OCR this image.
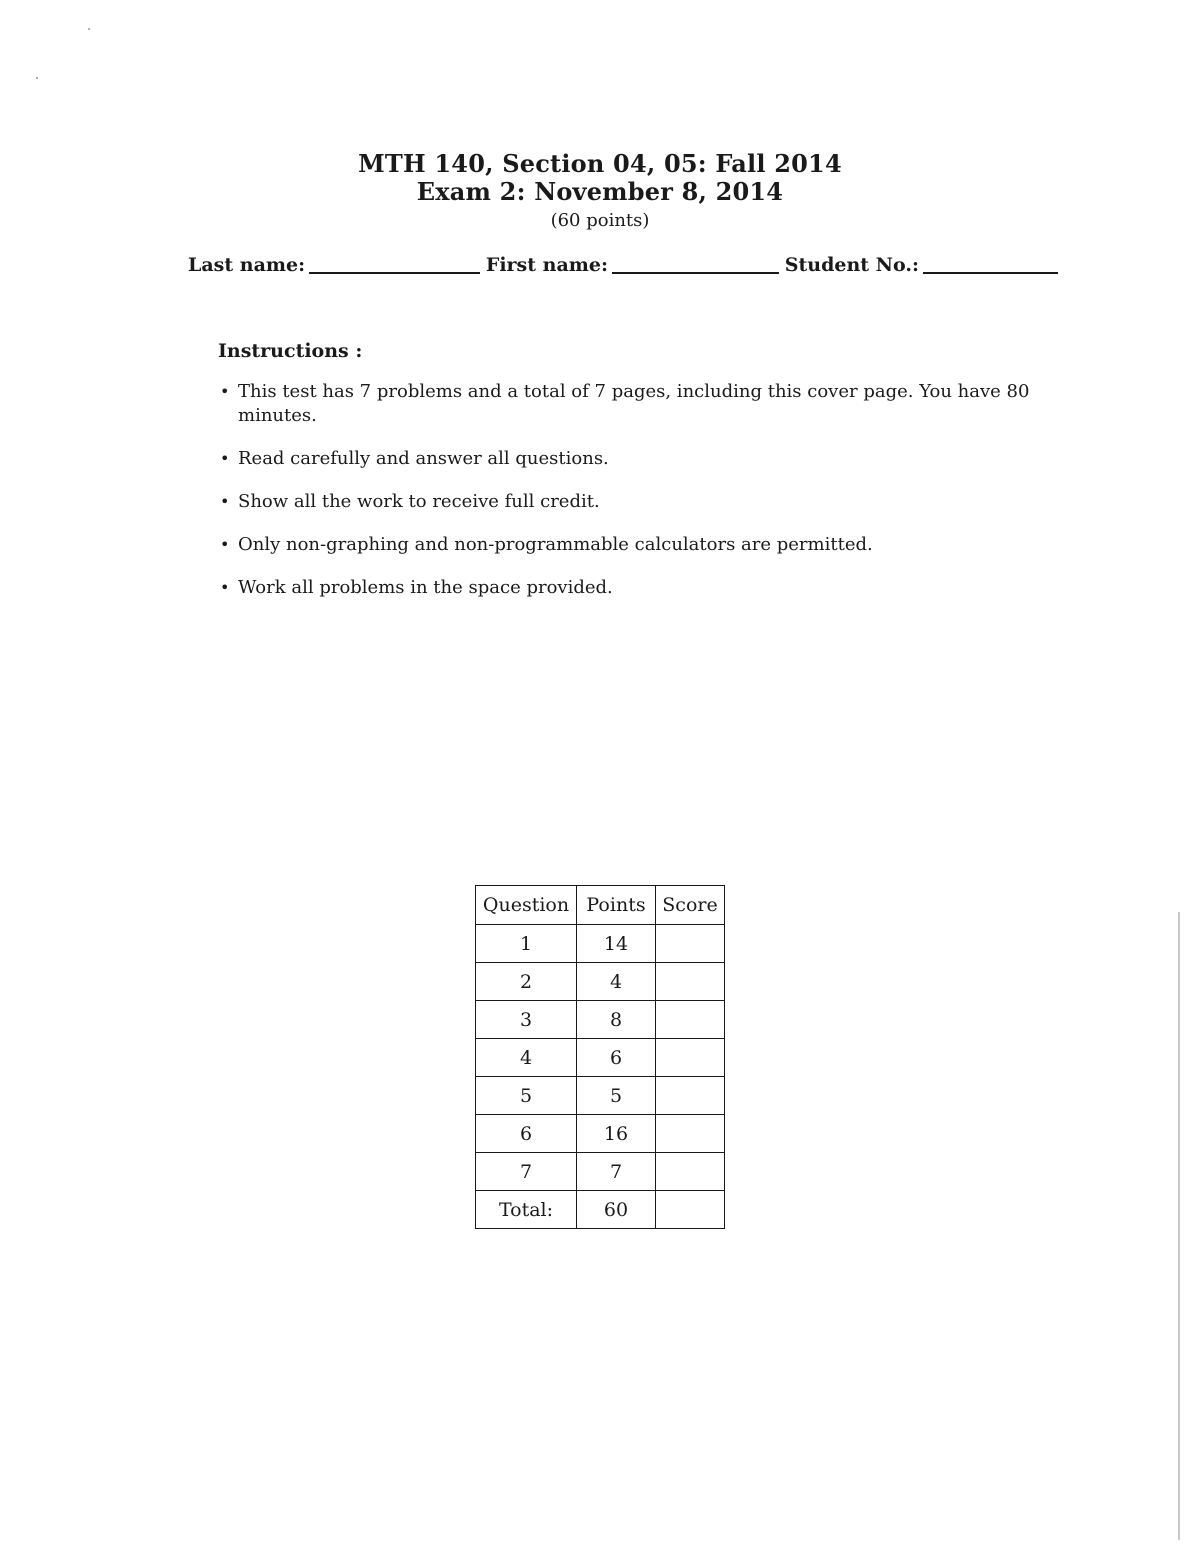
MTH 140, Section 04, 05: Fall 2014
Exam 2: November 8, 2014
(60 points)
Last name:	First name:	Student No.:
Instructions :
• This test has 7 problems and a total of 7 pages, including this cover page. You have 80 minutes.
• Read carefully and answer all questions.
• Show all the work to receive full credit.
• Only non-graphing and non-programmable calculators are permitted.
• Work all problems in the space provided.
Question	Points	Score
1	14	
2	4	
3	8	
4	6	
5	5	
6	16	
7	7	
Total:	60	
